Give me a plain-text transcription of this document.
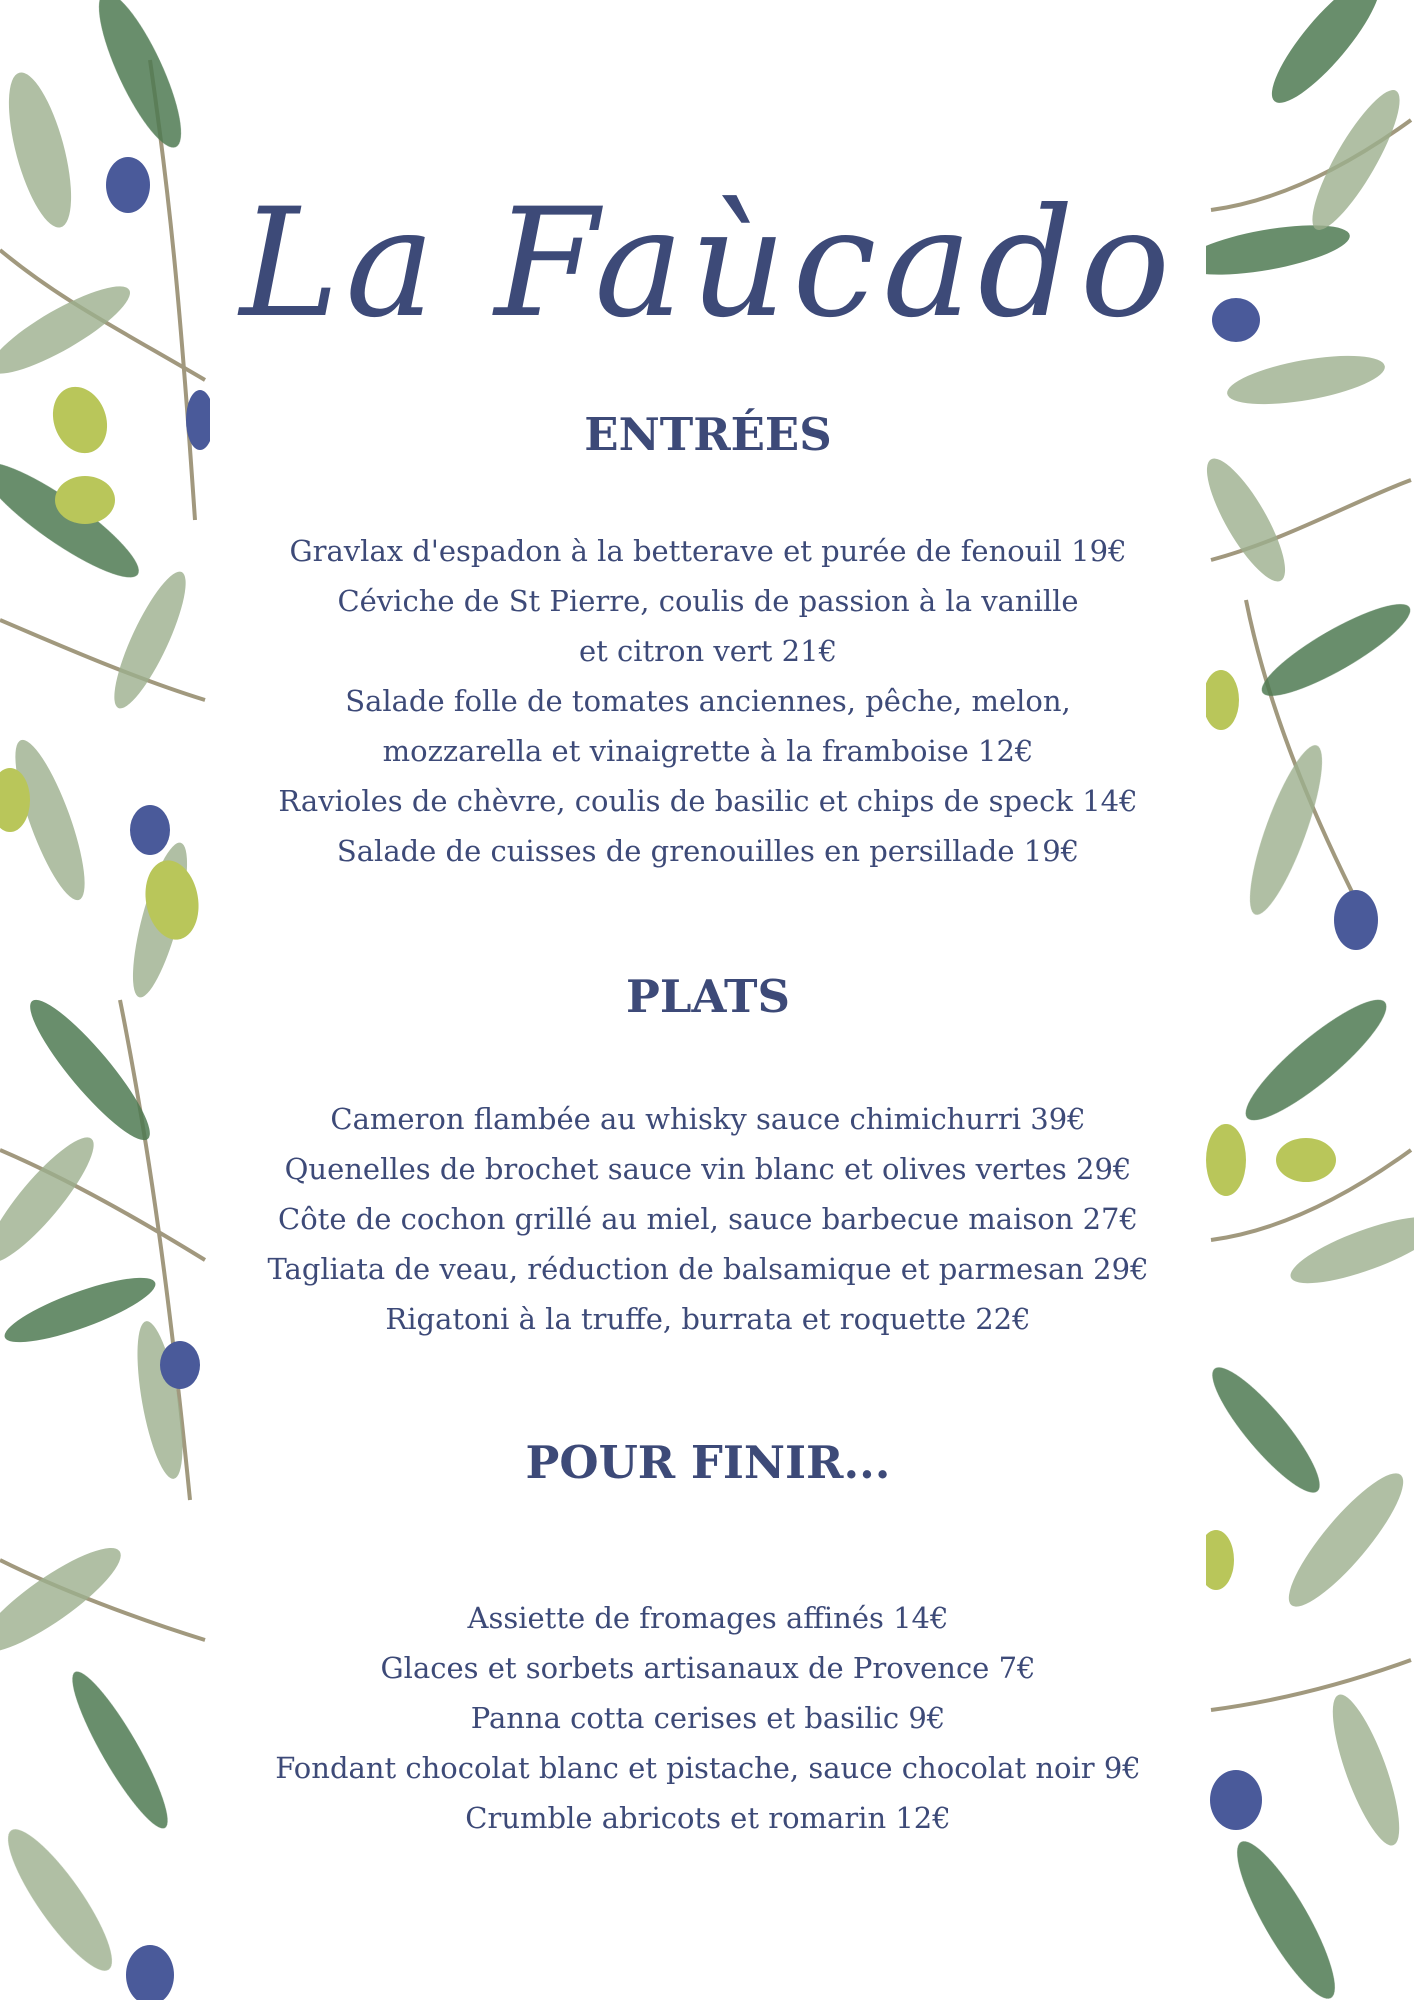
La Faùcado
ENTRÉES
Gravlax d'espadon à la betterave et purée de fenouil 19€
Céviche de St Pierre, coulis de passion à la vanille
et citron vert 21€
Salade folle de tomates anciennes, pêche, melon,
mozzarella et vinaigrette à la framboise 12€
Ravioles de chèvre, coulis de basilic et chips de speck 14€
Salade de cuisses de grenouilles en persillade 19€
PLATS
Cameron flambée au whisky sauce chimichurri 39€
Quenelles de brochet sauce vin blanc et olives vertes 29€
Côte de cochon grillé au miel, sauce barbecue maison 27€
Tagliata de veau, réduction de balsamique et parmesan 29€
Rigatoni à la truffe, burrata et roquette 22€
POUR FINIR...
Assiette de fromages affinés 14€
Glaces et sorbets artisanaux de Provence 7€
Panna cotta cerises et basilic 9€
Fondant chocolat blanc et pistache, sauce chocolat noir 9€
Crumble abricots et romarin 12€
